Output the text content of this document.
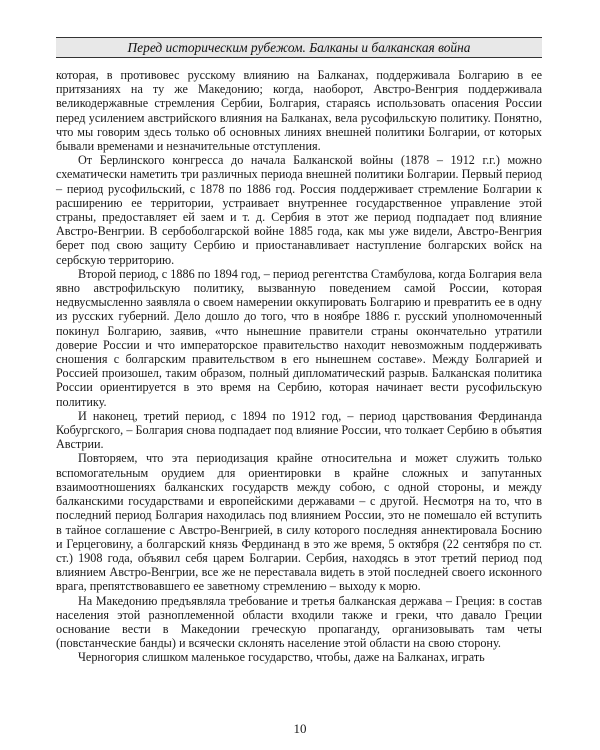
Перед историческим рубежом. Балканы и балканская война

которая, в противовес русскому влиянию на Балканах, поддерживала Болгарию в ее притязаниях на ту же Македонию; когда, наоборот, Австро-Венгрия поддерживала великодержавные стремления Сербии, Болгария, стараясь использовать опасения России перед усилением австрийского влияния на Балканах, вела русофильскую политику. Понятно, что мы говорим здесь только об основных линиях внешней политики Болгарии, от которых бывали временами и незначительные отступления.

От Берлинского конгресса до начала Балканской войны (1878 – 1912 г.г.) можно схематически наметить три различных периода внешней политики Болгарии. Первый период – период русофильский, с 1878 по 1886 год. Россия поддерживает стремление Болгарии к расширению ее территории, устраивает внутреннее государственное управление этой страны, предоставляет ей заем и т. д. Сербия в этот же период подпадает под влияние Австро-Венгрии. В сербоболгарской войне 1885 года, как мы уже видели, Австро-Венгрия берет под свою защиту Сербию и приостанавливает наступление болгарских войск на сербскую территорию.

Второй период, с 1886 по 1894 год, – период регентства Стамбулова, когда Болгария вела явно австрофильскую политику, вызванную поведением самой России, которая недвусмысленно заявляла о своем намерении оккупировать Болгарию и превратить ее в одну из русских губерний. Дело дошло до того, что в ноябре 1886 г. русский уполномоченный покинул Болгарию, заявив, «что нынешние правители страны окончательно утратили доверие России и что императорское правительство находит невозможным поддерживать сношения с болгарским правительством в его нынешнем составе». Между Болгарией и Россией произошел, таким образом, полный дипломатический разрыв. Балканская политика России ориентируется в это время на Сербию, которая начинает вести русофильскую политику.

И наконец, третий период, с 1894 по 1912 год, – период царствования Фердинанда Кобургского, – Болгария снова подпадает под влияние России, что толкает Сербию в объятия Австрии.

Повторяем, что эта периодизация крайне относительна и может служить только вспомогательным орудием для ориентировки в крайне сложных и запутанных взаимоотношениях балканских государств между собою, с одной стороны, и между балканскими государствами и европейскими державами – с другой. Несмотря на то, что в последний период Болгария находилась под влиянием России, это не помешало ей вступить в тайное соглашение с Австро-Венгрией, в силу которого последняя аннектировала Боснию и Герцеговину, а болгарский князь Фердинанд в это же время, 5 октября (22 сентября по ст. ст.) 1908 года, объявил себя царем Болгарии. Сербия, находясь в этот третий период под влиянием Австро-Венгрии, все же не переставала видеть в этой последней своего исконного врага, препятствовавшего ее заветному стремлению – выходу к морю.

На Македонию предъявляла требование и третья балканская держава – Греция: в состав населения этой разноплеменной области входили также и греки, что давало Греции основание вести в Македонии греческую пропаганду, организовывать там четы (повстанческие банды) и всячески склонять население этой области на свою сторону.

Черногория слишком маленькое государство, чтобы, даже на Балканах, играть

10
